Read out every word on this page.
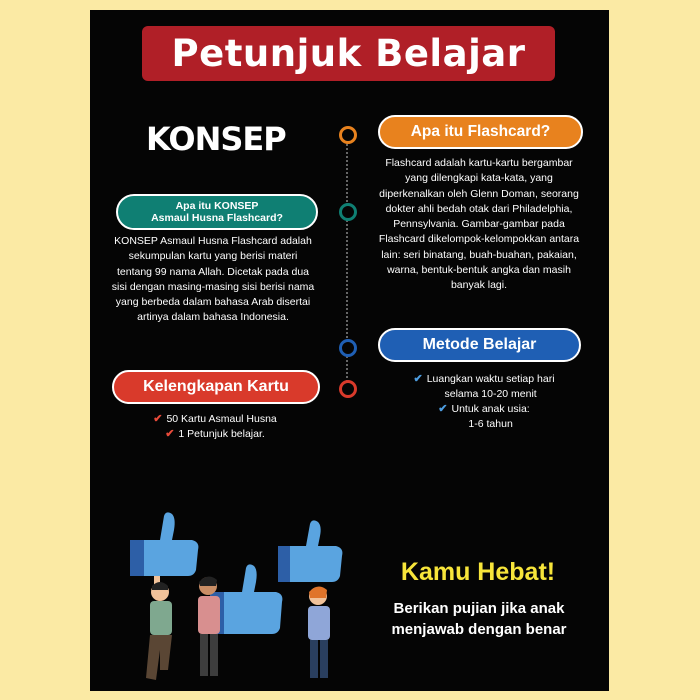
Petunjuk Belajar
KONSEP	Apa itu Flashcard?
Flashcard adalah kartu-kartu bergambar yang dilengkapi kata-kata, yang diperkenalkan oleh Glenn Doman, seorang dokter ahli bedah otak dari Philadelphia, Pennsylvania. Gambar-gambar pada Flashcard dikelompok-kelompokkan antara lain: seri binatang, buah-buahan, pakaian, warna, bentuk-bentuk angka dan masih banyak lagi.
Apa itu KONSEP
Asmaul Husna Flashcard?
KONSEP Asmaul Husna Flashcard adalah sekumpulan kartu yang berisi materi tentang 99 nama Allah. Dicetak pada dua sisi dengan masing-masing sisi berisi nama yang berbeda dalam bahasa Arab disertai artinya dalam bahasa Indonesia.
Metode Belajar
✔ Luangkan waktu setiap hari
selama 10-20 menit
✔ Untuk anak usia:
1-6 tahun
Kelengkapan Kartu
✔ 50 Kartu Asmaul Husna
✔ 1 Petunjuk belajar.
Kamu Hebat!
Berikan pujian jika anak
menjawab dengan benar
